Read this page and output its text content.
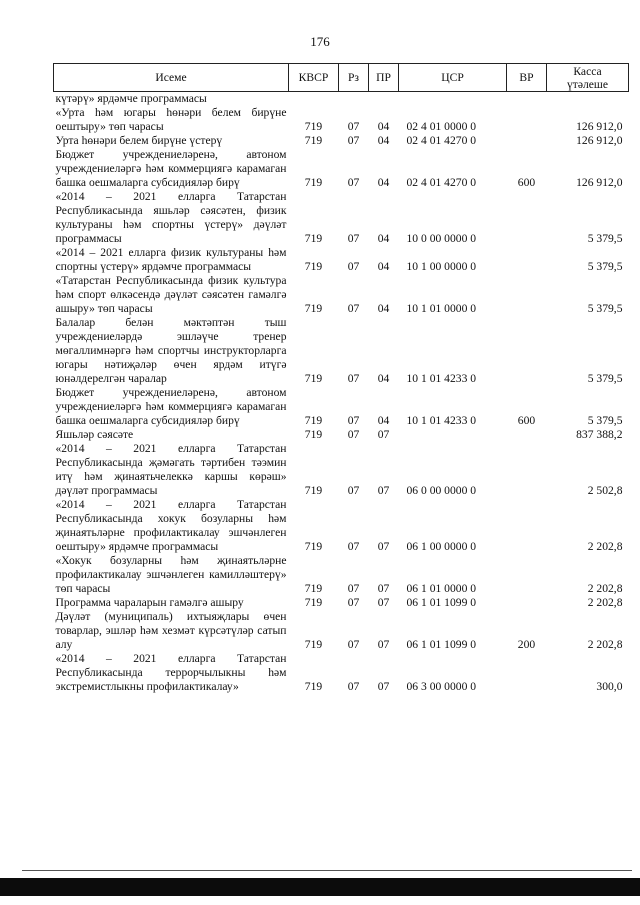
176
Исеме	КВСР	Рз	ПР	ЦСР	ВР	Касса
үтәлеше
күтәрү» ярдәмче программасы						
«Урта һәм югары һөнәри белем бирүне оештыру» төп чарасы	719	07	04	02 4 01 0000 0		126 912,0
Урта һөнәри белем бирүне үстерү	719	07	04	02 4 01 4270 0		126 912,0
Бюджет учреждениеләренә, автоном учреждениеләргә һәм коммерциягә карамаган башка оешмаларга субсидияләр бирү	719	07	04	02 4 01 4270 0	600	126 912,0
«2014 – 2021 елларга Татарстан Республикасында яшьләр сәясәтен, физик культураны һәм спортны үстерү» дәүләт программасы	719	07	04	10 0 00 0000 0		5 379,5
«2014 – 2021 елларга физик культураны һәм спортны үстерү» ярдәмче программасы	719	07	04	10 1 00 0000 0		5 379,5
«Татарстан Республикасында физик культура һәм спорт өлкәсендә дәүләт сәясәтен гамәлгә ашыру» төп чарасы	719	07	04	10 1 01 0000 0		5 379,5
Балалар белән мәктәптән тыш учреждениеләрдә эшләүче тренер мөгаллимнәргә һәм спортчы инструкторларга югары нәтиҗәләр өчен ярдәм итүгә юнәлдерелгән чаралар	719	07	04	10 1 01 4233 0		5 379,5
Бюджет учреждениеләренә, автоном учреждениеләргә һәм коммерциягә карамаган башка оешмаларга субсидияләр бирү	719	07	04	10 1 01 4233 0	600	5 379,5
Яшьләр сәясәте	719	07	07			837 388,2
«2014 – 2021 елларга Татарстан Республикасында җәмәгать тәртибен тәэмин итү һәм җинаятьчелеккә каршы көрәш» дәүләт программасы	719	07	07	06 0 00 0000 0		2 502,8
«2014 – 2021 елларга Татарстан Республикасында хокук бозуларны һәм җинаятьләрне профилактикалау эшчәнлеген оештыру» ярдәмче программасы	719	07	07	06 1 00 0000 0		2 202,8
«Хокук бозуларны һәм җинаятьләрне профилактикалау эшчәнлеген камилләштерү» төп чарасы	719	07	07	06 1 01 0000 0		2 202,8
Программа чараларын гамәлгә ашыру	719	07	07	06 1 01 1099 0		2 202,8
Дәүләт (муниципаль) ихтыяҗлары өчен товарлар, эшләр һәм хезмәт күрсәтүләр сатып алу	719	07	07	06 1 01 1099 0	200	2 202,8
«2014 – 2021 елларга Татарстан Республикасында террорчылыкны һәм экстремистлыкны профилактикалау»	719	07	07	06 3 00 0000 0		300,0
